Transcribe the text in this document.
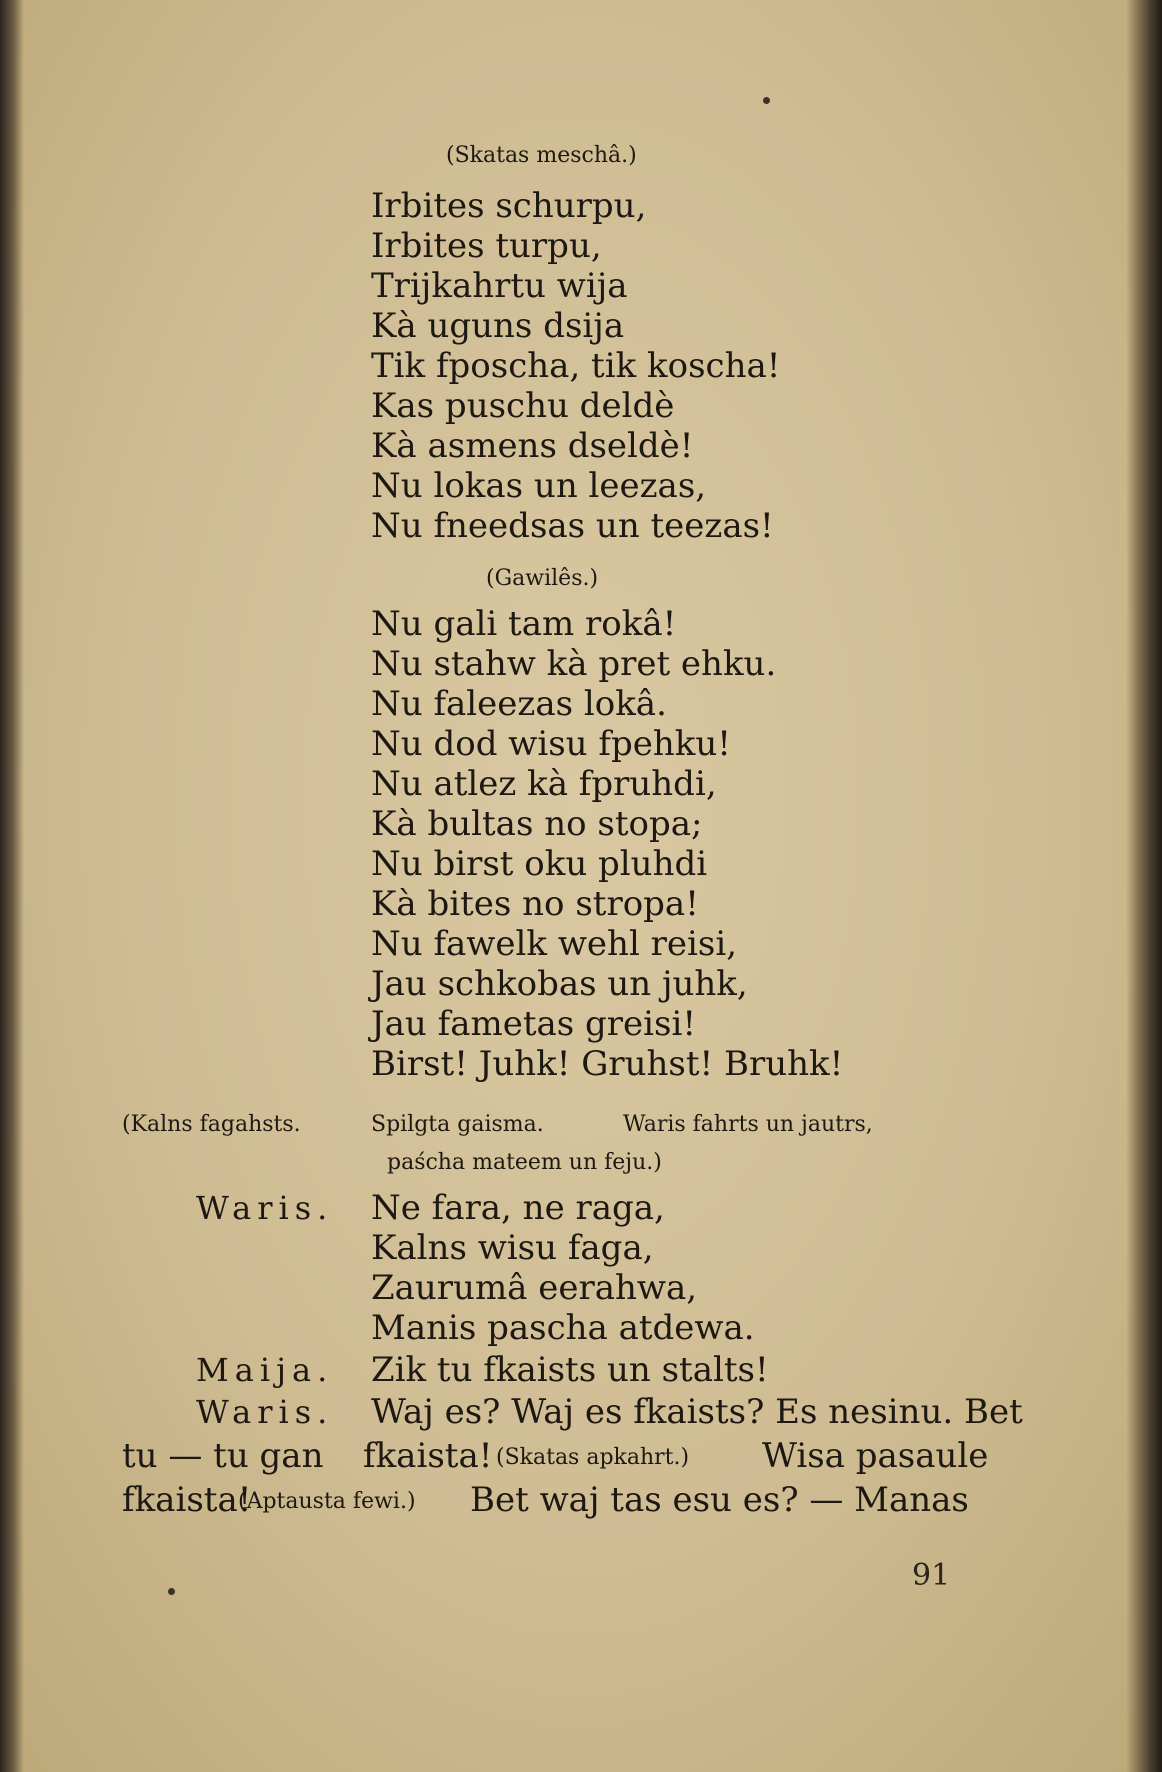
(Skatas meschâ.)
Irbites schurpu,
Irbites turpu,
Trijkahrtu wija
Kà uguns dsija
Tik fposcha, tik koscha!
Kas puschu deldè
Kà asmens dseldè!
Nu lokas un leezas,
Nu fneedsas un teezas!
(Gawilês.)
Nu gali tam rokâ!
Nu stahw kà pret ehku.
Nu faleezas lokâ.
Nu dod wisu fpehku!
Nu atlez kà fpruhdi,
Kà bultas no stopa;
Nu birst oku pluhdi
Kà bites no stropa!
Nu fawelk wehl reisi,
Jau schkobas un juhk,
Jau fametas greisi!
Birst! Juhk! Gruhst! Bruhk!
(Kalns fagahsts.	Spilgta gaisma.	Waris fahrts un jautrs,
paścha mateem un feju.)
Waris. Ne fara, ne raga,
Kalns wisu faga,
Zaurumâ eerahwa,
Manis pascha atdewa.
Maija. Zik tu fkaists un stalts!
Waris. Waj es? Waj es fkaists? Es nesinu. Bet
tu — tu gan fkaista! (Skatas apkahrt.) Wisa pasaule
fkaista!
(Aptausta fewi.) Bet waj tas esu es? — Manas
91
